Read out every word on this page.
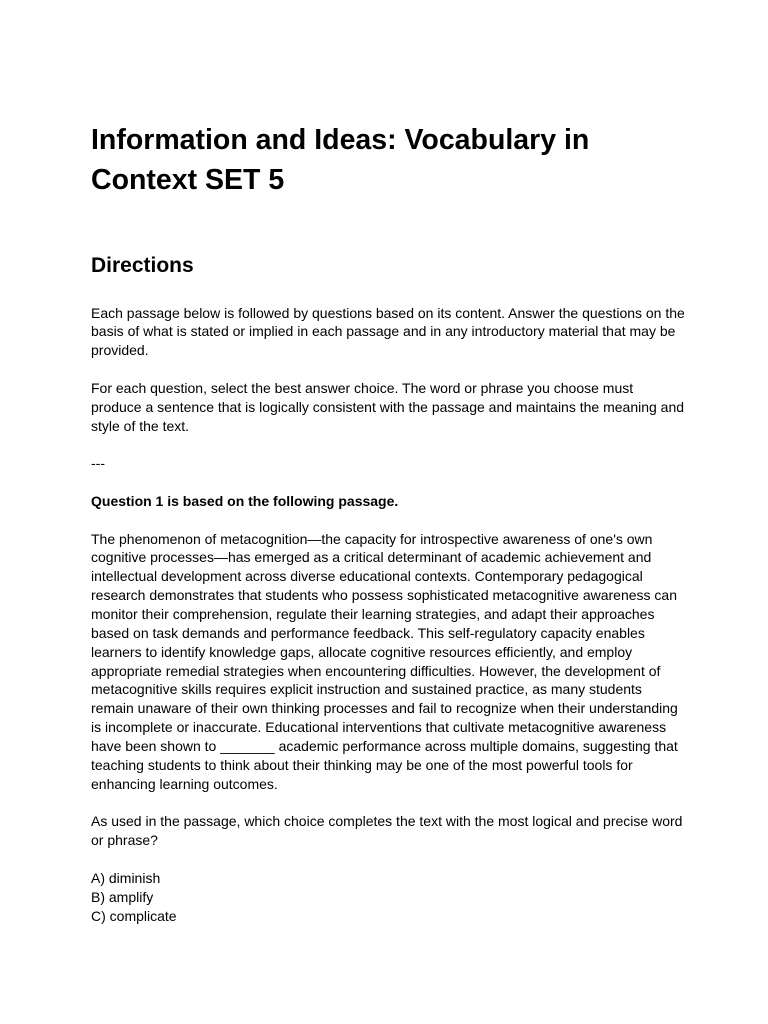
Information and Ideas: Vocabulary in
Context SET 5
Directions

Each passage below is followed by questions based on its content. Answer the questions on the
basis of what is stated or implied in each passage and in any introductory material that may be
provided.

For each question, select the best answer choice. The word or phrase you choose must
produce a sentence that is logically consistent with the passage and maintains the meaning and
style of the text.

---

Question 1 is based on the following passage.

The phenomenon of metacognition—the capacity for introspective awareness of one's own
cognitive processes—has emerged as a critical determinant of academic achievement and
intellectual development across diverse educational contexts. Contemporary pedagogical
research demonstrates that students who possess sophisticated metacognitive awareness can
monitor their comprehension, regulate their learning strategies, and adapt their approaches
based on task demands and performance feedback. This self-regulatory capacity enables
learners to identify knowledge gaps, allocate cognitive resources efficiently, and employ
appropriate remedial strategies when encountering difficulties. However, the development of
metacognitive skills requires explicit instruction and sustained practice, as many students
remain unaware of their own thinking processes and fail to recognize when their understanding
is incomplete or inaccurate. Educational interventions that cultivate metacognitive awareness
have been shown to _______ academic performance across multiple domains, suggesting that
teaching students to think about their thinking may be one of the most powerful tools for
enhancing learning outcomes.

As used in the passage, which choice completes the text with the most logical and precise word
or phrase?

A) diminish
B) amplify
C) complicate
